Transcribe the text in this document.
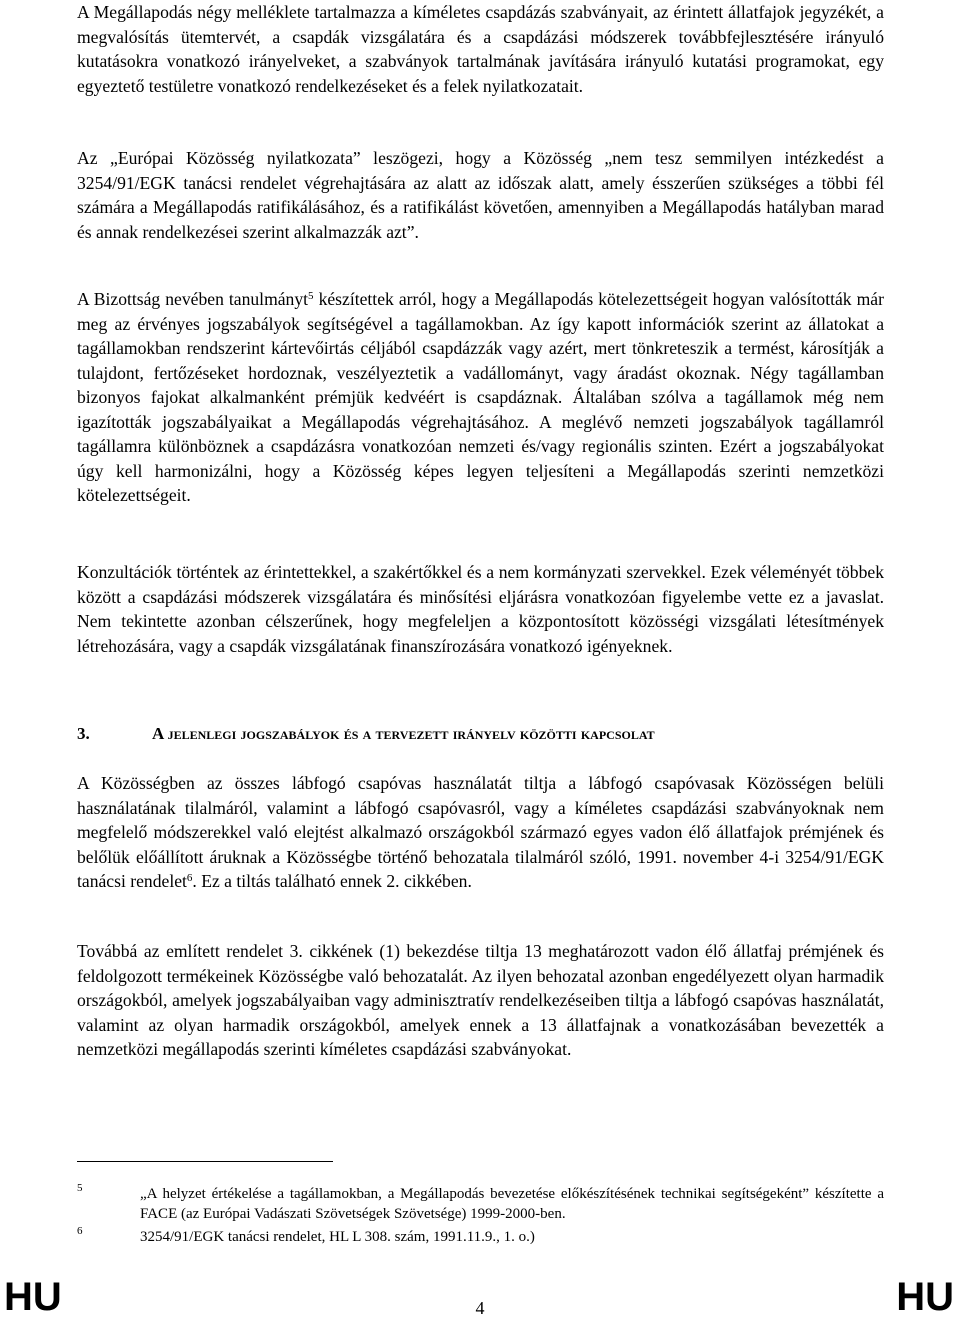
A Megállapodás négy melléklete tartalmazza a kíméletes csapdázás szabványait, az érintett állatfajok jegyzékét, a megvalósítás ütemtervét, a csapdák vizsgálatára és a csapdázási módszerek továbbfejlesztésére irányuló kutatásokra vonatkozó irányelveket, a szabványok tartalmának javítására irányuló kutatási programokat, egy egyeztető testületre vonatkozó rendelkezéseket és a felek nyilatkozatait.

Az „Európai Közösség nyilatkozata” leszögezi, hogy a Közösség „nem tesz semmilyen intézkedést a 3254/91/EGK tanácsi rendelet végrehajtására az alatt az időszak alatt, amely ésszerűen szükséges a többi fél számára a Megállapodás ratifikálásához, és a ratifikálást követően, amennyiben a Megállapodás hatályban marad és annak rendelkezései szerint alkalmazzák azt”.

A Bizottság nevében tanulmányt$^5$ készítettek arról, hogy a Megállapodás kötelezettségeit hogyan valósították már meg az érvényes jogszabályok segítségével a tagállamokban. Az így kapott információk szerint az állatokat a tagállamokban rendszerint kártevőirtás céljából csapdázzák vagy azért, mert tönkreteszik a termést, károsítják a tulajdont, fertőzéseket hordoznak, veszélyeztetik a vadállományt, vagy áradást okoznak. Négy tagállamban bizonyos fajokat alkalmanként prémjük kedvéért is csapdáznak. Általában szólva a tagállamok még nem igazították jogszabályaikat a Megállapodás végrehajtásához. A meglévő nemzeti jogszabályok tagállamról tagállamra különböznek a csapdázásra vonatkozóan nemzeti és/vagy regionális szinten. Ezért a jogszabályokat úgy kell harmonizálni, hogy a Közösség képes legyen teljesíteni a Megállapodás szerinti nemzetközi kötelezettségeit.

Konzultációk történtek az érintettekkel, a szakértőkkel és a nem kormányzati szervekkel. Ezek véleményét többek között a csapdázási módszerek vizsgálatára és minősítési eljárásra vonatkozóan figyelembe vette ez a javaslat. Nem tekintette azonban célszerűnek, hogy megfeleljen a központosított közösségi vizsgálati létesítmények létrehozására, vagy a csapdák vizsgálatának finanszírozására vonatkozó igényeknek.

3.	A jelenlegi jogszabályok és a tervezett irányelv közötti kapcsolat

A Közösségben az összes lábfogó csapóvas használatát tiltja a lábfogó csapóvasak Közösségen belüli használatának tilalmáról, valamint a lábfogó csapóvasról, vagy a kíméletes csapdázási szabványoknak nem megfelelő módszerekkel való elejtést alkalmazó országokból származó egyes vadon élő állatfajok prémjének és belőlük előállított áruknak a Közösségbe történő behozatala tilalmáról szóló, 1991. november 4-i 3254/91/EGK tanácsi rendelet$^6$. Ez a tiltás található ennek 2. cikkében.

Továbbá az említett rendelet 3. cikkének (1) bekezdése tiltja 13 meghatározott vadon élő állatfaj prémjének és feldolgozott termékeinek Közösségbe való behozatalát. Az ilyen behozatal azonban engedélyezett olyan harmadik országokból, amelyek jogszabályaiban vagy adminisztratív rendelkezéseiben tiltja a lábfogó csapóvas használatát, valamint az olyan harmadik országokból, amelyek ennek a 13 állatfajnak a vonatkozásában bevezették a nemzetközi megállapodás szerinti kíméletes csapdázási szabványokat.

5	„A helyzet értékelése a tagállamokban, a Megállapodás bevezetése előkészítésének technikai segítségeként” készítette a FACE (az Európai Vadászati Szövetségek Szövetsége) 1999-2000-ben.
6	3254/91/EGK tanácsi rendelet, HL L 308. szám, 1991.11.9., 1. o.)
HU	4	HU
